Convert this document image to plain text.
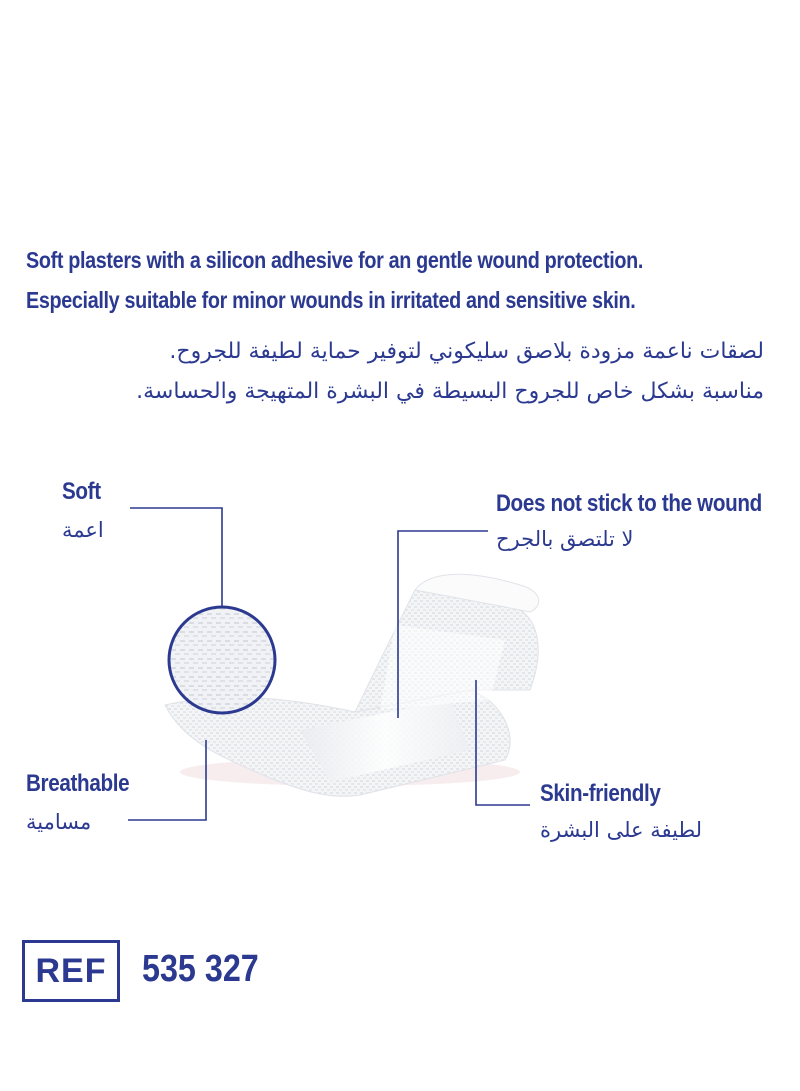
Soft plasters with a silicon adhesive for an gentle wound protection.
Especially suitable for minor wounds in irritated and sensitive skin.
لصقات ناعمة مزودة بلاصق سليكوني لتوفير حماية لطيفة للجروح.
مناسبة بشكل خاص للجروح البسيطة في البشرة المتهيجة والحساسة.
Soft
اعمة
Does not stick to the wound
لا تلتصق بالجرح
Breathable
مسامية
Skin-friendly
لطيفة على البشرة
REF 535 327
